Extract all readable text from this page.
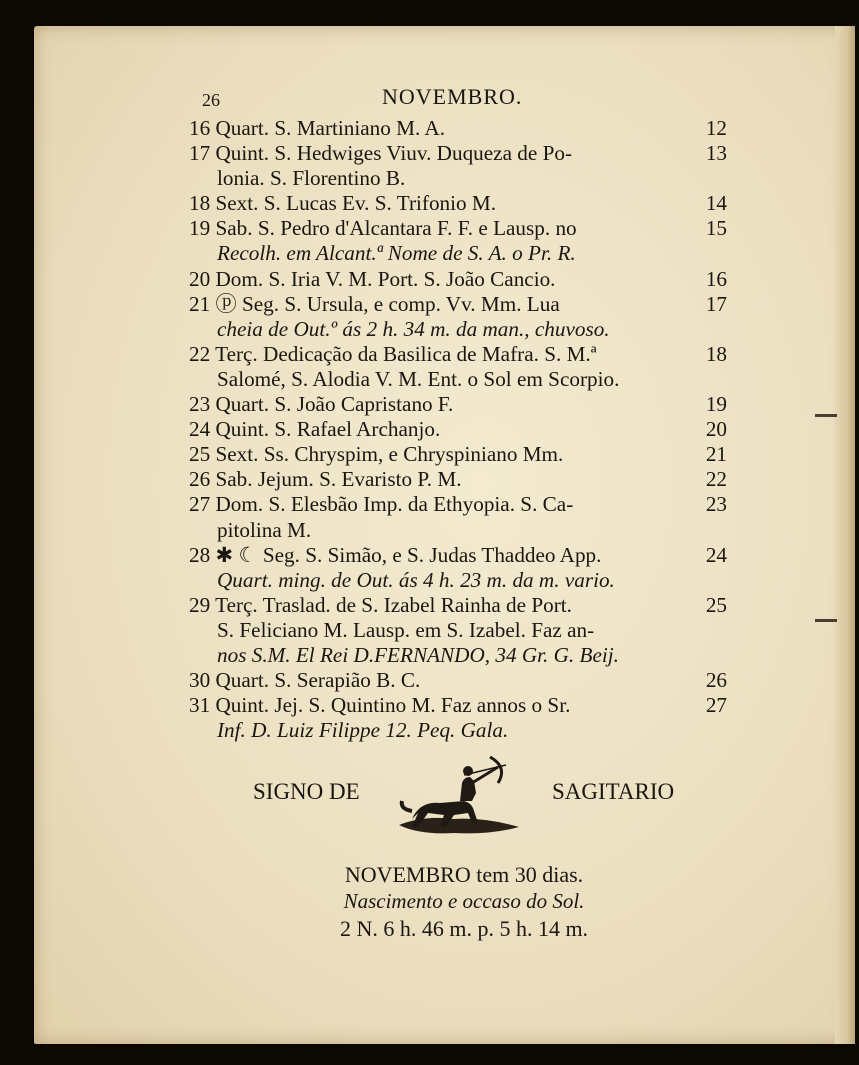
26	NOVEMBRO.
16 Quart. S. Martiniano M. A.	12
17 Quint. S. Hedwiges Viuv. Duqueza de Po-	13
lonia. S. Florentino B.
18 Sext. S. Lucas Ev. S. Trifonio M.	14
19 Sab. S. Pedro d'Alcantara F. F. e Lausp. no	15
Recolh. em Alcant.ª Nome de S. A. o Pr. R.
20 Dom. S. Iria V. M. Port. S. João Cancio.	16
21 ⓟ Seg. S. Ursula, e comp. Vv. Mm. Lua	17
cheia de Out.º ás 2 h. 34 m. da man., chuvoso.
22 Terç. Dedicação da Basilica de Mafra. S. M.ª	18
Salomé, S. Alodia V. M. Ent. o Sol em Scorpio.
23 Quart. S. João Capristano F.	19
24 Quint. S. Rafael Archanjo.	20
25 Sext. Ss. Chryspim, e Chryspiniano Mm.	21
26 Sab. Jejum. S. Evaristo P. M.	22
27 Dom. S. Elesbão Imp. da Ethyopia. S. Ca-	23
pitolina M.
28 ✱ ☾ Seg. S. Simão, e S. Judas Thaddeo App.	24
Quart. ming. de Out. ás 4 h. 23 m. da m. vario.
29 Terç. Traslad. de S. Izabel Rainha de Port.	25
S. Feliciano M. Lausp. em S. Izabel. Faz an-
nos S.M. El Rei D.FERNANDO, 34 Gr. G. Beij.
30 Quart. S. Serapião B. C.	26
31 Quint. Jej. S. Quintino M. Faz annos o Sr.	27
Inf. D. Luiz Filippe 12. Peq. Gala.
SIGNO DE	SAGITARIO
NOVEMBRO tem 30 dias.
Nascimento e occaso do Sol.
2 N. 6 h. 46 m. p. 5 h. 14 m.
